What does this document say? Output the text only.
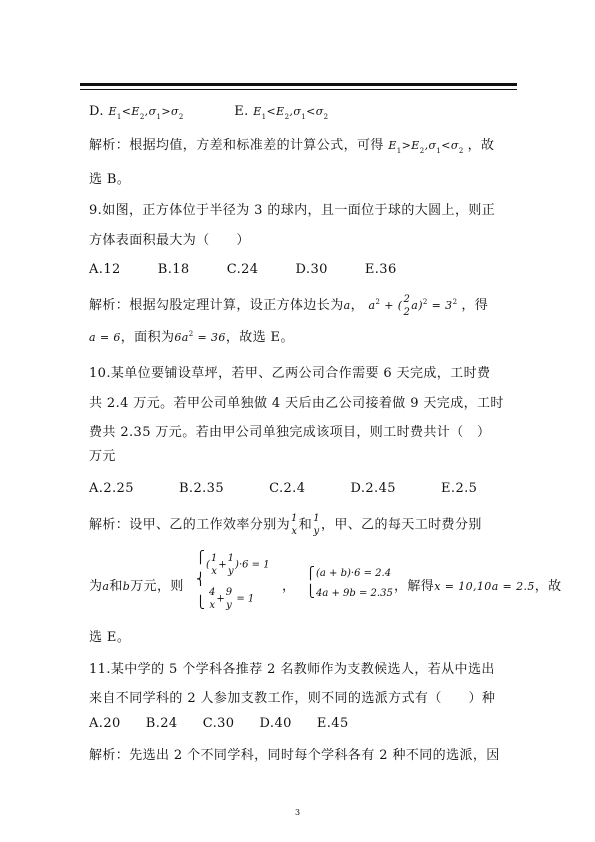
D. $E_1<E_2,\sigma_1>\sigma_2$	E. $E_1<E_2,\sigma_1<\sigma_2$
解析：根据均值，方差和标准差的计算公式，可得 $E_1>E_2,\sigma_1<\sigma_2$ ，故
选 B。
9.如图，正方体位于半径为 3 的球内，且一面位于球的大圆上，则正
方体表面积最大为（　　）
A.12	B.18	C.24	D.30	E.36
解析：根据勾股定理计算，设正方体边长为a， $a^2$ + ( 2
2
$a)^2 = 3^2$ ，得
a = 6，面积为$6a^2 = 36$，故选 E。
10.某单位要铺设草坪，若甲、乙两公司合作需要 6 天完成，工时费
共 2.4 万元。若甲公司单独做 4 天后由乙公司接着做 9 天完成，工时
费共 2.35 万元。若由甲公司单独完成该项目，则工时费共计（　）
万元
A.2.25	B.2.35	C.2.4	D.2.45	E.2.5
解析：设甲、乙的工作效率分别为 1
x 和 1
y ，甲、乙的每天工时费分别
为a和b万元，则
⎧
⎨
⎩
(
1
x
+
1
y
)·6 = 1
4
x
+
9
y
= 1
，
⎧
⎩
(a + b)·6 = 2.4
4a + 9b = 2.35 ，解得x = 10,10a = 2.5，故
选 E。
11.某中学的 5 个学科各推荐 2 名教师作为支教候选人，若从中选出
来自不同学科的 2 人参加支教工作，则不同的选派方式有（　　）种
A.20 B.24 C.30 D.40 E.45
解析：先选出 2 个不同学科，同时每个学科各有 2 种不同的选派，因
3
